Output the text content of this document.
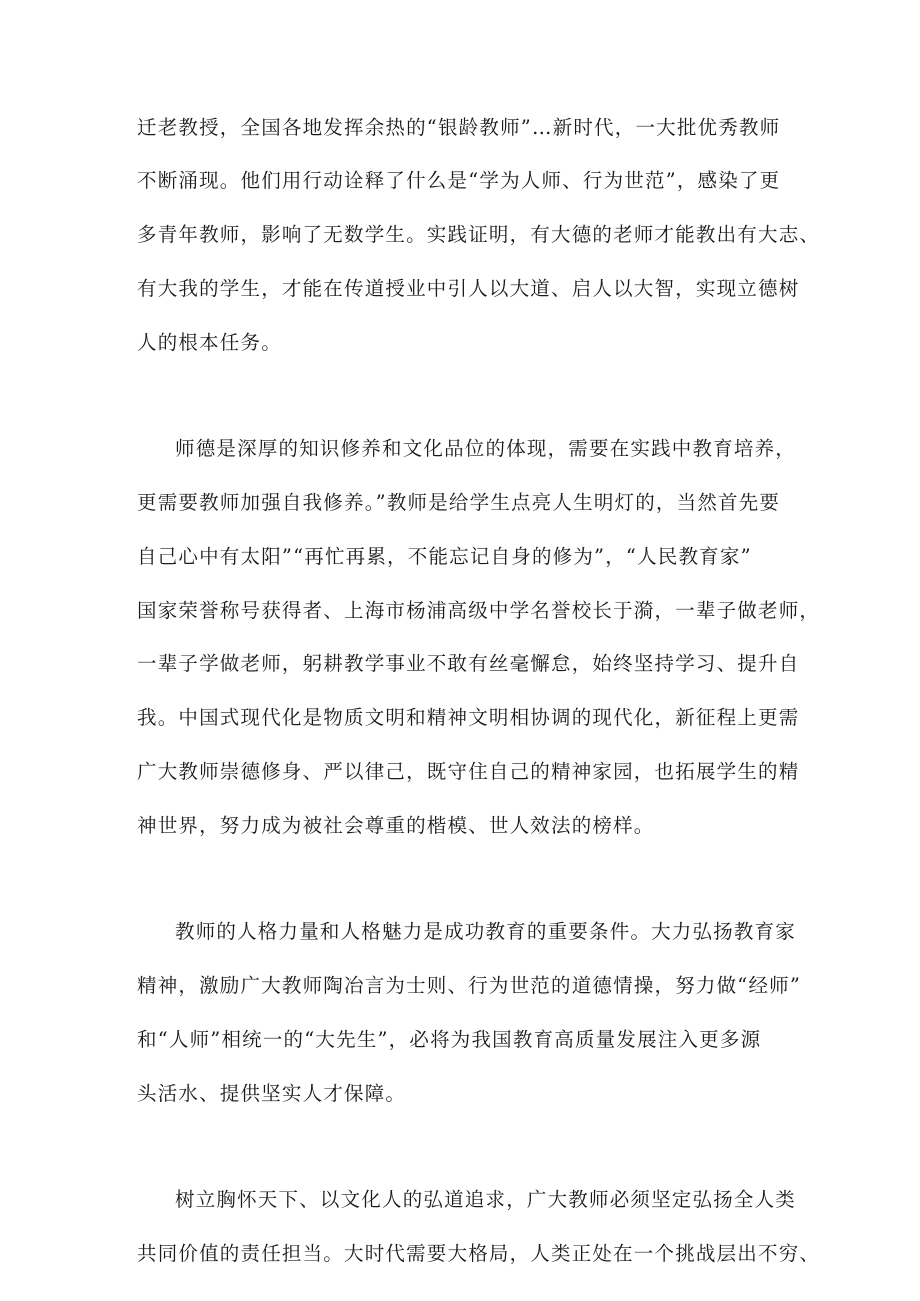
迁老教授，全国各地发挥余热的“银龄教师”…新时代，一大批优秀教师
不断涌现。他们用行动诠释了什么是“学为人师、行为世范”，感染了更
多青年教师，影响了无数学生。实践证明，有大德的老师才能教出有大志、
有大我的学生，才能在传道授业中引人以大道、启人以大智，实现立德树
人的根本任务。
师德是深厚的知识修养和文化品位的体现，需要在实践中教育培养，
更需要教师加强自我修养。”教师是给学生点亮人生明灯的，当然首先要
自己心中有太阳”“再忙再累，不能忘记自身的修为”，“人民教育家”
国家荣誉称号获得者、上海市杨浦高级中学名誉校长于漪，一辈子做老师，
一辈子学做老师，躬耕教学事业不敢有丝毫懈怠，始终坚持学习、提升自
我。中国式现代化是物质文明和精神文明相协调的现代化，新征程上更需
广大教师崇德修身、严以律己，既守住自己的精神家园，也拓展学生的精
神世界，努力成为被社会尊重的楷模、世人效法的榜样。
教师的人格力量和人格魅力是成功教育的重要条件。大力弘扬教育家
精神，激励广大教师陶冶言为士则、行为世范的道德情操，努力做“经师”
和“人师”相统一的“大先生”，必将为我国教育高质量发展注入更多源
头活水、提供坚实人才保障。
树立胸怀天下、以文化人的弘道追求，广大教师必须坚定弘扬全人类
共同价值的责任担当。大时代需要大格局，人类正处在一个挑战层出不穷、
